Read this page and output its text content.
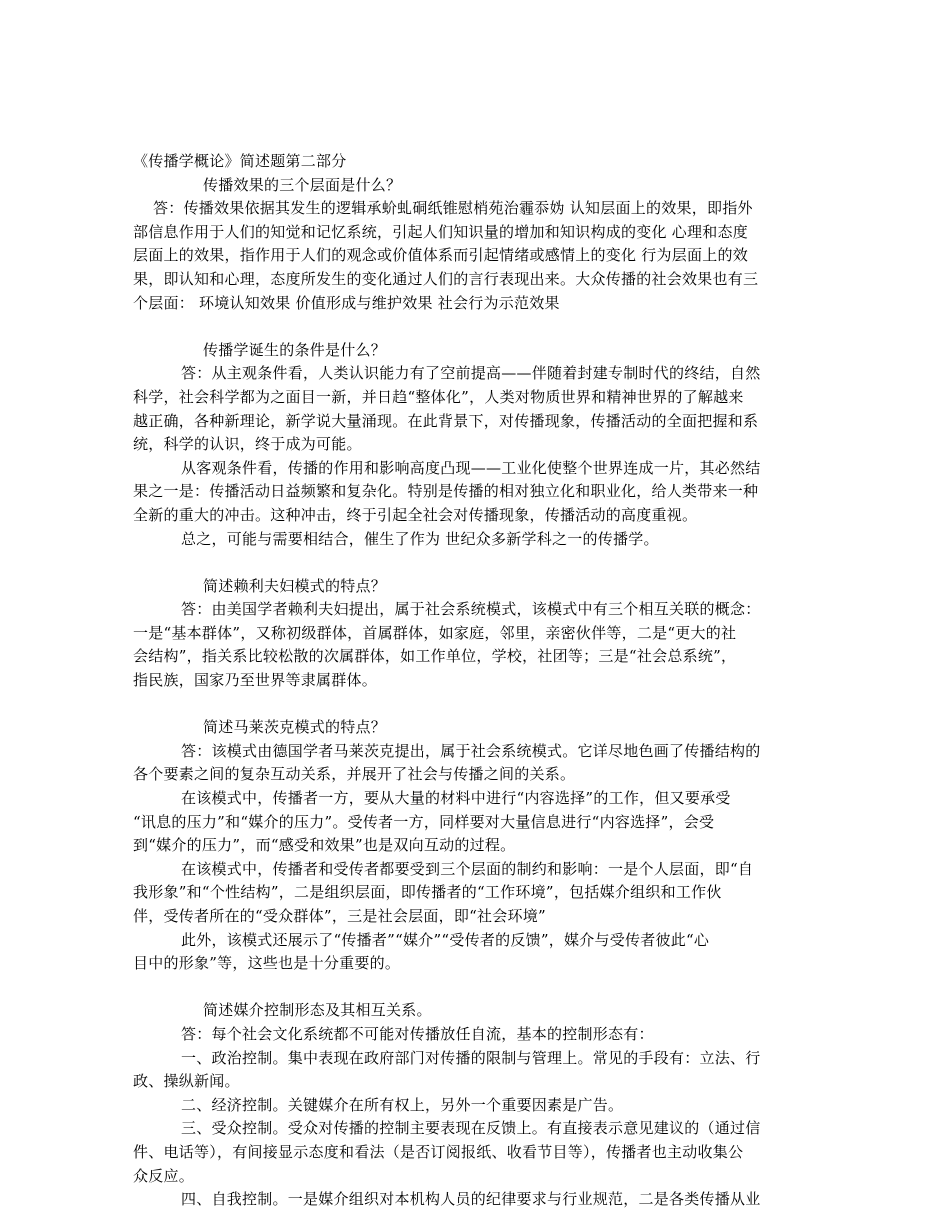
《传播学概论》简述题第二部分
传播效果的三个层面是什么？
答：传播效果依据其发生的逻辑承蚧虬硐纸锥慰梢苑治霾忝妫 认知层面上的效果，即指外
部信息作用于人们的知觉和记忆系统，引起人们知识量的增加和知识构成的变化 心理和态度
层面上的效果，指作用于人们的观念或价值体系而引起情绪或感情上的变化 行为层面上的效
果，即认知和心理，态度所发生的变化通过人们的言行表现出来。大众传播的社会效果也有三
个层面： 环境认知效果 价值形成与维护效果 社会行为示范效果
传播学诞生的条件是什么？
答：从主观条件看，人类认识能力有了空前提高——伴随着封建专制时代的终结，自然
科学，社会科学都为之面目一新，并日趋“整体化”，人类对物质世界和精神世界的了解越来
越正确，各种新理论，新学说大量涌现。在此背景下，对传播现象，传播活动的全面把握和系
统，科学的认识，终于成为可能。
从客观条件看，传播的作用和影响高度凸现——工业化使整个世界连成一片，其必然结
果之一是：传播活动日益频繁和复杂化。特别是传播的相对独立化和职业化，给人类带来一种
全新的重大的冲击。这种冲击，终于引起全社会对传播现象，传播活动的高度重视。
总之，可能与需要相结合，催生了作为 世纪众多新学科之一的传播学。
简述赖利夫妇模式的特点？
答：由美国学者赖利夫妇提出，属于社会系统模式，该模式中有三个相互关联的概念：
一是“基本群体”，又称初级群体，首属群体，如家庭，邻里，亲密伙伴等，二是“更大的社
会结构”，指关系比较松散的次属群体，如工作单位，学校，社团等；三是“社会总系统”，
指民族，国家乃至世界等隶属群体。
简述马莱茨克模式的特点？
答：该模式由德国学者马莱茨克提出，属于社会系统模式。它详尽地色画了传播结构的
各个要素之间的复杂互动关系，并展开了社会与传播之间的关系。
在该模式中，传播者一方，要从大量的材料中进行“内容选择”的工作，但又要承受
“讯息的压力”和“媒介的压力”。受传者一方，同样要对大量信息进行“内容选择”，会受
到“媒介的压力”，而“感受和效果”也是双向互动的过程。
在该模式中，传播者和受传者都要受到三个层面的制约和影响：一是个人层面，即“自
我形象”和“个性结构”，二是组织层面，即传播者的“工作环境”，包括媒介组织和工作伙
伴，受传者所在的“受众群体”，三是社会层面，即“社会环境”
此外，该模式还展示了“传播者”“媒介”“受传者的反馈”，媒介与受传者彼此“心
目中的形象”等，这些也是十分重要的。
简述媒介控制形态及其相互关系。
答：每个社会文化系统都不可能对传播放任自流，基本的控制形态有：
一、政治控制。集中表现在政府部门对传播的限制与管理上。常见的手段有：立法、行
政、操纵新闻。
二、经济控制。关键媒介在所有权上，另外一个重要因素是广告。
三、受众控制。受众对传播的控制主要表现在反馈上。有直接表示意见建议的（通过信
件、电话等），有间接显示态度和看法（是否订阅报纸、收看节目等），传播者也主动收集公
众反应。
四、自我控制。一是媒介组织对本机构人员的纪律要求与行业规范，二是各类传播从业
